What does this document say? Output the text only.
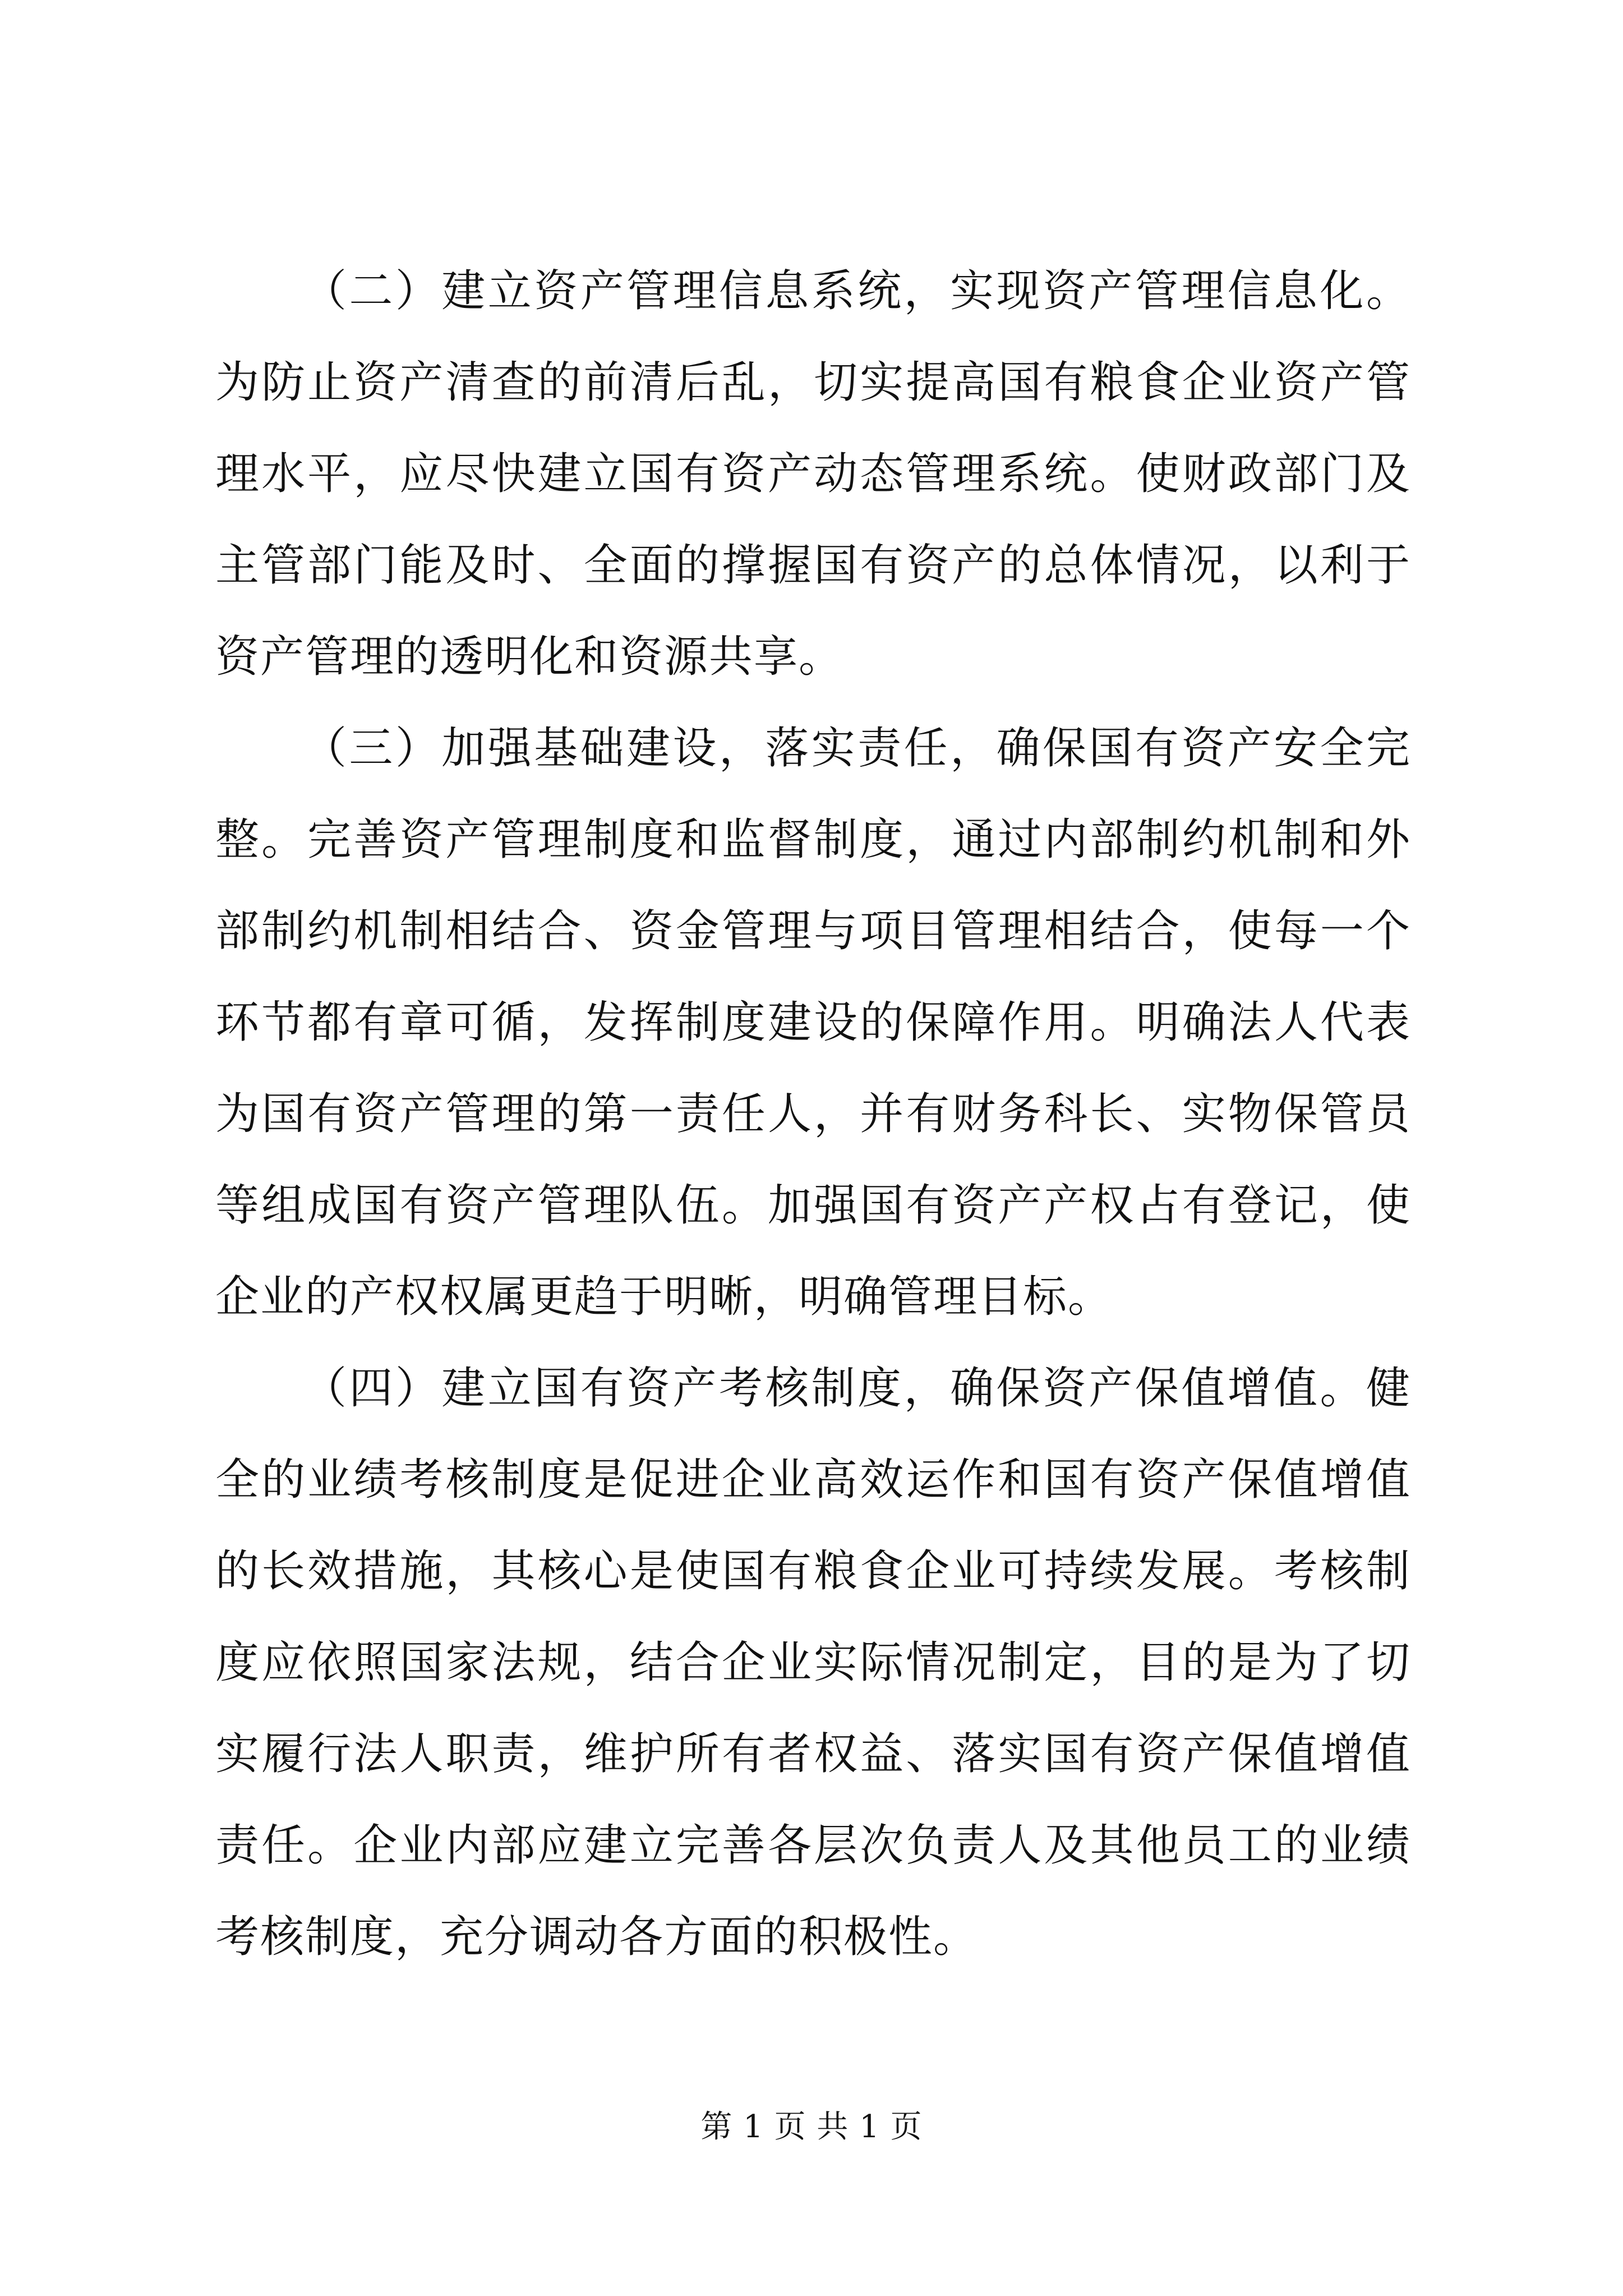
（二）建立资产管理信息系统，实现资产管理信息化。为防止资产清查的前清后乱，切实提高国有粮食企业资产管理水平，应尽快建立国有资产动态管理系统。使财政部门及主管部门能及时、全面的撑握国有资产的总体情况，以利于资产管理的透明化和资源共享。

（三）加强基础建设，落实责任，确保国有资产安全完整。完善资产管理制度和监督制度，通过内部制约机制和外部制约机制相结合、资金管理与项目管理相结合，使每一个环节都有章可循，发挥制度建设的保障作用。明确法人代表为国有资产管理的第一责任人，并有财务科长、实物保管员等组成国有资产管理队伍。加强国有资产产权占有登记，使企业的产权权属更趋于明晰，明确管理目标。

（四）建立国有资产考核制度，确保资产保值增值。健全的业绩考核制度是促进企业高效运作和国有资产保值增值的长效措施，其核心是使国有粮食企业可持续发展。考核制度应依照国家法规，结合企业实际情况制定，目的是为了切实履行法人职责，维护所有者权益、落实国有资产保值增值责任。企业内部应建立完善各层次负责人及其他员工的业绩考核制度，充分调动各方面的积极性。

第 1 页 共 1 页
